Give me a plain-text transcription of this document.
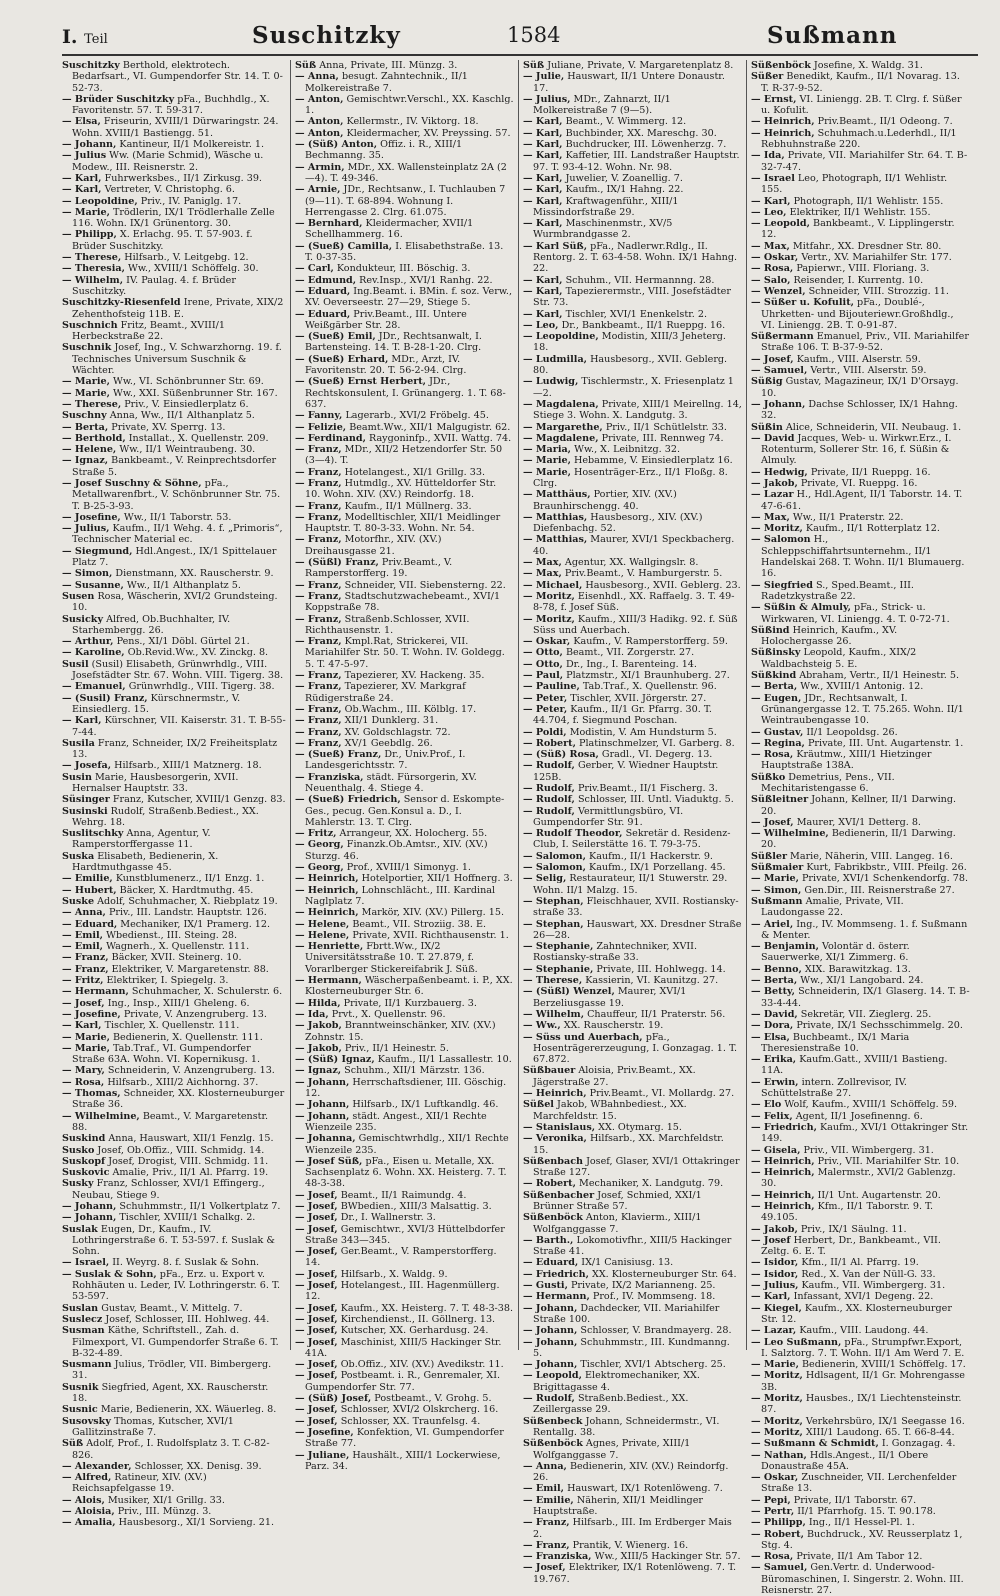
I. Teil	Suschitzky	1584	Sußmann

Suschitzky Berthold, elektrotech. Bedarfsart., VI. Gumpendorfer Str. 14. T. 0-52-73.

— Brüder Suschitzky pFa., Buchhdlg., X. Favoritenstr. 57. T. 59-317.

— Elsa, Friseurin, XVIII/1 Dürwaringstr. 24. Wohn. XVIII/1 Bastiengg. 51.

— Johann, Kantineur, II/1 Molkereistr. 1.

— Julius Ww. (Marie Schmid), Wäsche u. Modew., III. Reisnerstr. 2.

— Karl, Fuhrwerksbes., II/1 Zirkusg. 39.

— Karl, Vertreter, V. Christophg. 6.

— Leopoldine, Priv., IV. Paniglg. 17.

— Marie, Trödlerin, IX/1 Trödlerhalle Zelle 116. Wohn. IX/1 Grünentorg. 30.

— Philipp, X. Erlachg. 95. T. 57-903. f. Brüder Suschitzky.

— Therese, Hilfsarb., V. Leitgebg. 12.

— Theresia, Ww., XVIII/1 Schöffelg. 30.

— Wilhelm, IV. Paulag. 4. f. Brüder Suschitzky.

Suschitzky-Riesenfeld Irene, Private, XIX/2 Zehenthofsteig 11B. E.

Suschnich Fritz, Beamt., XVIII/1 Herbeckstraße 22.

Suschnik Josef, Ing., V. Schwarzhorng. 19. f. Technisches Universum Suschnik & Wächter.

— Marie, Ww., VI. Schönbrunner Str. 69.

— Marie, Ww., XXI. Süßenbrunner Str. 167.

— Therese, Priv., V. Einsiedlerplatz 6.

Suschny Anna, Ww., II/1 Althanplatz 5.

— Berta, Private, XV. Sperrg. 13.

— Berthold, Installat., X. Quellenstr. 209.

— Helene, Ww., II/1 Weintraubeng. 30.

— Ignaz, Bankbeamt., V. Reinprechtsdorfer Straße 5.

— Josef Suschny & Söhne, pFa., Metallwarenfbrt., V. Schönbrunner Str. 75. T. B-25-3-93.

— Josefine, Ww., II/1 Taborstr. 53.

— Julius, Kaufm., II/1 Wehg. 4. f. „Primoris“, Technischer Material ec.

— Siegmund, Hdl.Angest., IX/1 Spittelauer Platz 7.

— Simon, Dienstmann, XX. Rauscherstr. 9.

— Susanne, Ww., II/1 Althanplatz 5.

Susen Rosa, Wäscherin, XVI/2 Grundsteing. 10.

Susicky Alfred, Ob.Buchhalter, IV. Starhembergg. 26.

— Arthur, Pens., XI/1 Döbl. Gürtel 21.

— Karoline, Ob.Revid.Ww., XV. Zinckg. 8.

Susil (Susil) Elisabeth, Grünwrhdlg., VIII. Josefstädter Str. 67. Wohn. VIII. Tigerg. 38.

— Emanuel, Grünwrhdlg., VIII. Tigerg. 38.

— (Susil) Franz, Kürschnermstr., V. Einsiedlerg. 15.

— Karl, Kürschner, VII. Kaiserstr. 31. T. B-55-7-44.

Susila Franz, Schneider, IX/2 Freiheitsplatz 13.

— Josefa, Hilfsarb., XIII/1 Matznerg. 18.

Susin Marie, Hausbesorgerin, XVII. Hernalser Hauptstr. 33.

Süsinger Franz, Kutscher, XVIII/1 Genzg. 83.

Susinski Rudolf, Straßenb.Bediest., XX. Wehrg. 18.

Suslitschky Anna, Agentur, V. Ramperstorffergasse 11.

Suska Elisabeth, Bedienerin, X. Hardtmuthgasse 45.

— Emilie, Kunstblumenerz., II/1 Enzg. 1.

— Hubert, Bäcker, X. Hardtmuthg. 45.

Suske Adolf, Schuhmacher, X. Riebplatz 19.

— Anna, Priv., III. Landstr. Hauptstr. 126.

— Eduard, Mechaniker, IX/1 Pramerg. 12.

— Emil, Wbedienst., III. Steing. 28.

— Emil, Wagnerh., X. Quellenstr. 111.

— Franz, Bäcker, XVII. Steinerg. 10.

— Franz, Elektriker, V. Margaretenstr. 88.

— Fritz, Elektriker, I. Spiegelg. 3.

— Hermann, Schuhmacher, X. Schulerstr. 6.

— Josef, Ing., Insp., XIII/1 Gheleng. 6.

— Josefine, Private, V. Anzengruberg. 13.

— Karl, Tischler, X. Quellenstr. 111.

— Marie, Bedienerin, X. Quellenstr. 111.

— Marie, Tab.Traf., VI. Gumpendorfer Straße 63A. Wohn. VI. Kopernikusg. 1.

— Mary, Schneiderin, V. Anzengruberg. 13.

— Rosa, Hilfsarb., XIII/2 Aichhorng. 37.

— Thomas, Schneider, XX. Klosterneuburger Straße 36.

— Wilhelmine, Beamt., V. Margaretenstr. 88.

Suskind Anna, Hauswart, XII/1 Fenzlg. 15.

Susko Josef, Ob.Offiz., VIII. Schmidg. 14.

Suskopf Josef, Drogist, VIII. Schmidg. 11.

Suskovic Amalie, Priv., II/1 Al. Pfarrg. 19.

Susky Franz, Schlosser, XVI/1 Effingerg., Neubau, Stiege 9.

— Johann, Schuhmmstr., II/1 Volkertplatz 7.

— Johann, Tischler, XVIII/1 Schalkg. 2.

Suslak Eugen, Dr., Kaufm., IV. Lothringerstraße 6. T. 53-597. f. Suslak & Sohn.

— Israel, II. Weyrg. 8. f. Suslak & Sohn.

— Suslak & Sohn, pFa., Erz. u. Export v. Rohhäuten u. Leder, IV. Lothringerstr. 6. T. 53-597.

Suslan Gustav, Beamt., V. Mittelg. 7.

Suslecz Josef, Schlosser, III. Hohlweg. 44.

Susman Käthe, Schriftstell., Zah. d. Filmexport, VI. Gumpendorfer Straße 6. T. B-32-4-89.

Susmann Julius, Trödler, VII. Bimbergerg. 31.

Susnik Siegfried, Agent, XX. Rauscherstr. 18.

Susnic Marie, Bedienerin, XX. Wäuerleg. 8.

Susovsky Thomas, Kutscher, XVI/1 Gallitzinstraße 7.

Süß Adolf, Prof., I. Rudolfsplatz 3. T. C-82-826.

— Alexander, Schlosser, XX. Denisg. 39.

— Alfred, Ratineur, XIV. (XV.) Reichsapfelgasse 19.

— Alois, Musiker, XI/1 Grillg. 33.

— Aloisia, Priv., III. Münzg. 3.

— Amalia, Hausbesorg., XI/1 Sorvieng. 21.

Süß Anna, Private, III. Münzg. 3.

— Anna, besugt. Zahntechnik., II/1 Molkereistraße 7.

— Anton, Gemischtwr.Verschl., XX. Kaschlg. 1.

— Anton, Kellermstr., IV. Viktorg. 18.

— Anton, Kleidermacher, XV. Preyssing. 57.

— (Süß) Anton, Offiz. i. R., XIII/1 Bechmanng. 35.

— Armin, MDr., XX. Wallensteinplatz 2A (2—4). T. 49-346.

— Arnie, JDr., Rechtsanw., I. Tuchlauben 7 (9—11). T. 68-894. Wohnung I. Herrengasse 2. Clrg. 61.075.

— Bernhard, Kleidermacher, XVII/1 Schellhammerg. 16.

— (Sueß) Camilla, I. Elisabethstraße. 13. T. 0-37-35.

— Carl, Kondukteur, III. Böschig. 3.

— Edmund, Rev.Insp., XVI/1 Ranhg. 22.

— Eduard, Ing.Beamt. i. BMin. f. soz. Verw., XV. Oeverseestr. 27—29, Stiege 5.

— Eduard, Priv.Beamt., III. Untere Weißgärber Str. 28.

— (Sueß) Emil, JDr., Rechtsanwalt, I. Bartensteing. 14. T. B-28-1-20. Clrg.

— (Sueß) Erhard, MDr., Arzt, IV. Favoritenstr. 20. T. 56-2-94. Clrg.

— (Sueß) Ernst Herbert, JDr., Rechtskonsulent, I. Grünangerg. 1. T. 68-637.

— Fanny, Lagerarb., XVI/2 Fröbelg. 45.

— Felizie, Beamt.Ww., XII/1 Malgugistr. 62.

— Ferdinand, Raygoninfp., XVII. Wattg. 74.

— Franz, MDr., XII/2 Hetzendorfer Str. 50 (3—4). T.

— Franz, Hotelangest., XI/1 Grillg. 33.

— Franz, Hutmdlg., XV. Hütteldorfer Str. 10. Wohn. XIV. (XV.) Reindorfg. 18.

— Franz, Kaufm., II/1 Müllnerg. 33.

— Franz, Modelltischler, XII/1 Meidlinger Hauptstr. T. 80-3-33. Wohn. Nr. 54.

— Franz, Motorfhr., XIV. (XV.) Dreihausgasse 21.

— (Süßl) Franz, Priv.Beamt., V. Ramperstorfferg. 19.

— Franz, Schneider, VII. Siebensterng. 22.

— Franz, Stadtschutzwachebeamt., XVI/1 Koppstraße 78.

— Franz, Straßenb.Schlosser, XVII. Richthausenstr. 1.

— Franz, Kmpl.Rat, Strickerei, VII. Mariahilfer Str. 50. T. Wohn. IV. Goldegg. 5. T. 47-5-97.

— Franz, Tapezierer, XV. Hackeng. 35.

— Franz, Tapezierer, XV. Markgraf Rüdigerstraße 24.

— Franz, Ob.Wachm., III. Kölblg. 17.

— Franz, XII/1 Dunklerg. 31.

— Franz, XV. Goldschlagstr. 72.

— Franz, XV/1 Geebdlg. 26.

— (Sueß) Franz, Dr., Univ.Prof., I. Landesgerichtsstr. 7.

— Franziska, städt. Fürsorgerin, XV. Neuenthalg. 4. Stiege 4.

— (Sueß) Friedrich, Sensor d. Eskompte-Ges., pecug. Gen.Konsul a. D., I. Mahlerstr. 13. T. Clrg.

— Fritz, Arrangeur, XX. Holocherg. 55.

— Georg, Finanzk.Ob.Amtsr., XIV. (XV.) Sturzg. 46.

— Georg, Prof., XVIII/1 Simonyg. 1.

— Heinrich, Hotelportier, XII/1 Hoffnerg. 3.

— Heinrich, Lohnschlächt., III. Kardinal Naglplatz 7.

— Heinrich, Markör, XIV. (XV.) Pillerg. 15.

— Helene, Beamt., VII. Stroziig. 38. E.

— Helene, Private, XVII. Richthausenstr. 1.

— Henriette, Fbrtt.Ww., IX/2 Universitätsstraße 10. T. 27.879, f. Vorarlberger Stickereifabrik J. Süß.

— Hermann, Wäscherpaßenbeamt. i. P., XX. Klosterneuburger Str. 6.

— Hilda, Private, II/1 Kurzbauerg. 3.

— Ida, Prvt., X. Quellenstr. 96.

— Jakob, Branntweinschänker, XIV. (XV.) Zohnstr. 15.

— Jakob, Priv., II/1 Heinestr. 5.

— (Süß) Ignaz, Kaufm., II/1 Lassallestr. 10.

— Ignaz, Schuhm., XII/1 Märzstr. 136.

— Johann, Herrschaftsdiener, III. Göschig. 12.

— Johann, Hilfsarb., IX/1 Luftkandlg. 46.

— Johann, städt. Angest., XII/1 Rechte Wienzeile 235.

— Johanna, Gemischtwrhdlg., XII/1 Rechte Wienzeile 235.

— Josef Süß, pFa., Eisen u. Metalle, XX. Sachsenplatz 6. Wohn. XX. Heisterg. 7. T. 48-3-38.

— Josef, Beamt., II/1 Raimundg. 4.

— Josef, BWbedien., XIII/3 Malsattig. 3.

— Josef, Dr., I. Wallnerstr. 3.

— Josef, Gemischtwr., XVI/3 Hüttelbdorfer Straße 343—345.

— Josef, Ger.Beamt., V. Ramperstorfferg. 14.

— Josef, Hilfsarb., X. Waldg. 9.

— Josef, Hotelangest., III. Hagenmüllerg. 12.

— Josef, Kaufm., XX. Heisterg. 7. T. 48-3-38.

— Josef, Kirchendienst., II. Göllnerg. 13.

— Josef, Kutscher, XX. Gerhardusg. 24.

— Josef, Maschinist, XIII/5 Hackinger Str. 41A.

— Josef, Ob.Offiz., XIV. (XV.) Avedikstr. 11.

— Josef, Postbeamt. i. R., Genremaler, XI. Gumpendorfer Str. 77.

— (Süß) Josef, Postbeamt., V. Grohg. 5.

— Josef, Schlosser, XVI/2 Olskrcherg. 16.

— Josef, Schlosser, XX. Traunfelsg. 4.

— Josefine, Konfektion, VI. Gumpendorfer Straße 77.

— Juliane, Haushält., XIII/1 Lockerwiese, Parz. 34.

Süß Juliane, Private, V. Margaretenplatz 8.

— Julie, Hauswart, II/1 Untere Donaustr. 17.

— Julius, MDr., Zahnarzt, II/1 Molkereistraße 7 (9—5).

— Karl, Beamt., V. Wimmerg. 12.

— Karl, Buchbinder, XX. Mareschg. 30.

— Karl, Buchdrucker, III. Löwenherzg. 7.

— Karl, Kaffetier, III. Landstraßer Hauptstr. 97. T. 93-4-12. Wohn. Nr. 98.

— Karl, Juwelier, V. Zoanellig. 7.

— Karl, Kaufm., IX/1 Hahng. 22.

— Karl, Kraftwagenführ., XIII/1 Missindorfstraße 29.

— Karl, Maschinenmstr., XV/5 Wurmbrandgasse 2.

— Karl Süß, pFa., Nadlerwr.Rdlg., II. Rentorg. 2. T. 63-4-58. Wohn. IX/1 Hahng. 22.

— Karl, Schuhm., VII. Hermannng. 28.

— Karl, Tapezierermstr., VIII. Josefstädter Str. 73.

— Karl, Tischler, XVI/1 Enenkelstr. 2.

— Leo, Dr., Bankbeamt., II/1 Rueppg. 16.

— Leopoldine, Modistin, XIII/3 Jeheterg. 18.

— Ludmilla, Hausbesorg., XVII. Geblerg. 80.

— Ludwig, Tischlermstr., X. Friesenplatz 1—2.

— Magdalena, Private, XIII/1 Meirellng. 14, Stiege 3. Wohn. X. Landgutg. 3.

— Margarethe, Priv., II/1 Schütlelstr. 33.

— Magdalene, Private, III. Rennweg 74.

— Maria, Ww., X. Leibnitzg. 32.

— Marie, Hebamme, V. Einsiedlerplatz 16.

— Marie, Hosenträger-Erz., II/1 Floßg. 8. Clrg.

— Matthäus, Portier, XIV. (XV.) Braunhirschengg. 40.

— Matthias, Hausbesorg., XIV. (XV.) Diefenbachg. 52.

— Matthias, Maurer, XVI/1 Speckbacherg. 40.

— Max, Agentur, XX. Wallgingslr. 8.

— Max, Priv.Beamt., V. Hamburgerstr. 5.

— Michael, Hausbesorg., XVII. Geblerg. 23.

— Moritz, Eisenhdl., XX. Raffaelg. 3. T. 49-8-78, f. Josef Süß.

— Moritz, Kaufm., XIII/3 Hadikg. 92. f. Süß Süss und Auerbach.

— Oskar, Kaufm., V. Ramperstorfferg. 59.

— Otto, Beamt., VII. Zorgerstr. 27.

— Otto, Dr., Ing., I. Barenteing. 14.

— Paul, Platzmstr., XI/1 Braunhuberg. 27.

— Pauline, Tab.Traf., X. Quellenstr. 96.

— Peter, Tischler, XVII. Jörgerstr. 27.

— Peter, Kaufm., II/1 Gr. Pfarrg. 30. T. 44.704, f. Siegmund Poschan.

— Poldi, Modistin, V. Am Hundsturm 5.

— Robert, Platinschmelzer, VI. Garberg. 8.

— (Süß) Rosa, Gradl., VI. Degerg. 13.

— Rudolf, Gerber, V. Wiedner Hauptstr. 125B.

— Rudolf, Priv.Beamt., II/1 Fischerg. 3.

— Rudolf, Schlosser, III. Untl. Viaduktg. 5.

— Rudolf, Vermittlungsbüro, VI. Gumpendorfer Str. 91.

— Rudolf Theodor, Sekretär d. Residenz-Club, I. Seilerstätte 16. T. 79-3-75.

— Salomon, Kaufm., II/1 Hackerstr. 9.

— Salomon, Kaufm., IX/1 Porzellang. 45.

— Selig, Restaurateur, II/1 Stuwerstr. 29. Wohn. II/1 Malzg. 15.

— Stephan, Fleischhauer, XVII. Rostiansky-straße 33.

— Stephan, Hauswart, XX. Dresdner Straße 26—28.

— Stephanie, Zahntechniker, XVII. Rostiansky-straße 33.

— Stephanie, Private, III. Hohlwegg. 14.

— Therese, Kassierin, VI. Kaunitzg. 27.

— (Süßl) Wenzel, Maurer, XVI/1 Berzeliusgasse 19.

— Wilhelm, Chauffeur, II/1 Praterstr. 56.

— Ww., XX. Rauscherstr. 19.

— Süss und Auerbach, pFa., Hosenträgererzeugung, I. Gonzagag. 1. T. 67.872.

Süßbauer Aloisia, Priv.Beamt., XX. Jägerstraße 27.

— Heinrich, Priv.Beamt., VI. Mollardg. 27.

Süßel Jakob, WBahnbediest., XX. Marchfeldstr. 15.

— Stanislaus, XX. Otymarg. 15.

— Veronika, Hilfsarb., XX. Marchfeldstr. 15.

Süßenbach Josef, Glaser, XVI/1 Ottakringer Straße 127.

— Robert, Mechaniker, X. Landgutg. 79.

Süßenbacher Josef, Schmied, XXI/1 Brünner Straße 57.

Süßenböck Anton, Klavierm., XIII/1 Wolfganggasse 7.

— Barth., Lokomotivfhr., XIII/5 Hackinger Straße 41.

— Eduard, IX/1 Canisiusg. 13.

— Friedrich, XX. Klosterneuburger Str. 64.

— Gusti, Private, IX/2 Marianneng. 25.

— Hermann, Prof., IV. Mommseng. 18.

— Johann, Dachdecker, VII. Mariahilfer Straße 100.

— Johann, Schlosser, V. Brandmayerg. 28.

— Johann, Schuhmmstr., III. Kundmanng. 5.

— Johann, Tischler, XVI/1 Abtscherg. 25.

— Leopold, Elektromechaniker, XX. Brigittagasse 4.

— Rudolf, Straßenb.Bediest., XX. Zeillergasse 29.

Süßenbeck Johann, Schneidermstr., VI. Rentallg. 38.

Süßenböck Agnes, Private, XIII/1 Wolfganggasse 7.

— Anna, Bedienerin, XIV. (XV.) Reindorfg. 26.

— Emil, Hauswart, IX/1 Rotenlöweng. 7.

— Emilie, Näherin, XII/1 Meidlinger Hauptstraße.

— Franz, Hilfsarb., III. Im Erdberger Mais 2.

— Franz, Prantik, V. Wienerg. 16.

— Franziska, Ww., XIII/5 Hackinger Str. 57.

— Josef, Elektriker, IX/1 Rotenlöweng. 7. T. 19.767.

Süßenböck Josefine, X. Waldg. 31.

Süßer Benedikt, Kaufm., II/1 Novarag. 13. T. R-37-9-52.

— Ernst, VI. Liniengg. 2B. T. Clrg. f. Süßer u. Kofulit.

— Heinrich, Priv.Beamt., II/1 Odeong. 7.

— Heinrich, Schuhmach.u.Lederhdl., II/1 Rebhuhnstraße 220.

— Ida, Private, VII. Mariahilfer Str. 64. T. B-32-7-47.

— Israel Leo, Photograph, II/1 Wehlistr. 155.

— Karl, Photograph, II/1 Wehlistr. 155.

— Leo, Elektriker, II/1 Wehlistr. 155.

— Leopold, Bankbeamt., V. Lipplingerstr. 12.

— Max, Mitfahr., XX. Dresdner Str. 80.

— Oskar, Vertr., XV. Mariahilfer Str. 177.

— Rosa, Papierwr., VIII. Floriang. 3.

— Salo, Reisender, I. Kurrentg. 10.

— Wenzel, Schneider, VIII. Strozzig. 11.

— Süßer u. Kofulit, pFa., Doublé-, Uhrketten- und Bijouteriewr.Großhdlg., VI. Liniengg. 2B. T. 0-91-87.

Süßermann Emanuel, Priv., VII. Mariahilfer Straße 106. T. B-37-9-52.

— Josef, Kaufm., VIII. Alserstr. 59.

— Samuel, Vertr., VIII. Alserstr. 59.

Süßig Gustav, Magazineur, IX/1 D'Orsayg. 10.

— Johann, Dachse Schlosser, IX/1 Hahng. 32.

Süßin Alice, Schneiderin, VII. Neubaug. 1.

— David Jacques, Web- u. Wirkwr.Erz., I. Rotenturm, Sollerer Str. 16, f. Süßin & Almuly.

— Hedwig, Private, II/1 Rueppg. 16.

— Jakob, Private, VI. Rueppg. 16.

— Lazar H., Hdl.Agent, II/1 Taborstr. 14. T. 47-6-61.

— Max, Ww., II/1 Praterstr. 22.

— Moritz, Kaufm., II/1 Rotterplatz 12.

— Salomon H., Schleppschiffahrtsunternehm., II/1 Handelskai 268. T. Wohn. II/1 Blumauerg. 16.

— Siegfried S., Sped.Beamt., III. Radetzkystraße 22.

— Süßin & Almuly, pFa., Strick- u. Wirkwaren, VI. Liniengg. 4. T. 0-72-71.

Süßind Heinrich, Kaufm., XV. Holochergasse 26.

Süßinsky Leopold, Kaufm., XIX/2 Waldbachsteig 5. E.

Süßkind Abraham, Vertr., II/1 Heinestr. 5.

— Berta, Ww., XVIII/1 Antonig. 12.

— Eugen, JDr., Rechtsanwalt, I. Grünangergasse 12. T. 75.265. Wohn. II/1 Weintraubengasse 10.

— Gustav, II/1 Leopoldsg. 26.

— Regina, Private, III. Unt. Augartenstr. 1.

— Rosa, Kräutmw., XIII/1 Hietzinger Hauptstraße 138A.

Süßko Demetrius, Pens., VII. Mechitaristengasse 6.

Süßleitner Johann, Kellner, II/1 Darwing. 20.

— Josef, Maurer, XVI/1 Detterg. 8.

— Wilhelmine, Bedienerin, II/1 Darwing. 20.

Süßler Marie, Näherin, VIII. Langeg. 16.

Süßmaier Kurt, Fabrikbstr., VIII. Pfeilg. 26.

— Marie, Private, XVI/1 Schenkendorfg. 78.

— Simon, Gen.Dir., III. Reisnerstraße 27.

Sußmann Amalie, Private, VII. Laudongasse 22.

— Ariel, Ing., IV. Mommseng. 1. f. Sußmann & Menter.

— Benjamin, Volontär d. österr. Sauerwerke, XI/1 Zimmerg. 6.

— Benno, XIX. Barawitzkag. 13.

— Berta, Ww., XI/1 Langobard. 24.

— Betty, Schneiderin, IX/1 Glaserg. 14. T. B-33-4-44.

— David, Sekretär, VII. Zieglerg. 25.

— Dora, Private, IX/1 Sechsschimmelg. 20.

— Elsa, Buchbeamt., IX/1 Maria Theresienstraße 10.

— Erika, Kaufm.Gatt., XVIII/1 Bastieng. 11A.

— Erwin, intern. Zollrevisor, IV. Schüttelstraße 27.

— Elo Wolf, Kaufm., XVIII/1 Schöffelg. 59.

— Felix, Agent, II/1 Josefinenng. 6.

— Friedrich, Kaufm., XVI/1 Ottakringer Str. 149.

— Gisela, Priv., VII. Wimbergerg. 31.

— Heinrich, Priv., VII. Mariahilfer Str. 10.

— Heinrich, Malermstr., XVI/2 Gablenzg. 30.

— Heinrich, II/1 Unt. Augartenstr. 20.

— Heinrich, Kfm., II/1 Taborstr. 9. T. 49.105.

— Jakob, Priv., IX/1 Säulng. 11.

— Josef Herbert, Dr., Bankbeamt., VII. Zeltg. 6. E. T.

— Isidor, Kfm., II/1 Al. Pfarrg. 19.

— Isidor, Red., X. Van der Nüll-G. 33.

— Julius, Kaufm., VII. Wimbergerg. 31.

— Karl, Infassant, XVI/1 Degeng. 22.

— Kiegel, Kaufm., XX. Klosterneuburger Str. 12.

— Lazar, Kaufm., VIII. Laudong. 44.

— Leo Sußmann, pFa., Strumpfwr.Export, I. Salztorg. 7. T. Wohn. II/1 Am Werd 7. E.

— Marie, Bedienerin, XVIII/1 Schöffelg. 17.

— Moritz, Hdlsagent, II/1 Gr. Mohrengasse 3B.

— Moritz, Hausbes., IX/1 Liechtensteinstr. 87.

— Moritz, Verkehrsbüro, IX/1 Seegasse 16.

— Moritz, XIII/1 Laudong. 65. T. 66-8-44.

— Sußmann & Schmidt, I. Gonzagag. 4.

— Nathan, Hdls.Angest., II/1 Obere Donaustraße 45A.

— Oskar, Zuschneider, VII. Lerchenfelder Straße 13.

— Pepi, Private, II/1 Taborstr. 67.

— Pertr, II/1 Pfarrhofg. 15. T. 90.178.

— Philipp, Ing., II/1 Hessel-Pl. 1.

— Robert, Buchdruck., XV. Reusserplatz 1, Stg. 4.

— Rosa, Private, II/1 Am Tabor 12.

— Samuel, Gen.Vertr. d. Underwood-Büromaschinen, I. Singerstr. 2. Wohn. III. Reisnerstr. 27.
